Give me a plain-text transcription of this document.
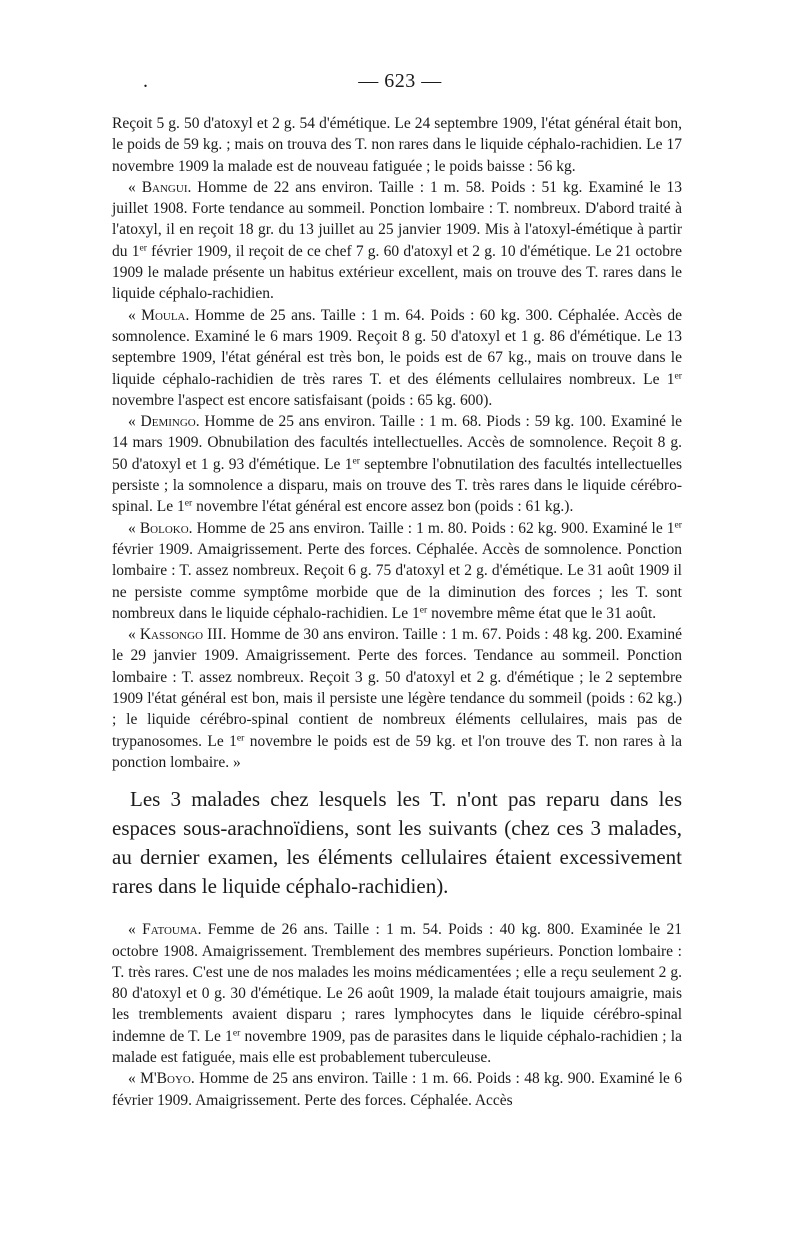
.	— 623 —

Reçoit 5 g. 50 d'atoxyl et 2 g. 54 d'émétique. Le 24 septembre 1909, l'état général était bon, le poids de 59 kg. ; mais on trouva des T. non rares dans le liquide céphalo-rachidien. Le 17 novembre 1909 la malade est de nouveau fatiguée ; le poids baisse : 56 kg.

« Bangui. Homme de 22 ans environ. Taille : 1 m. 58. Poids : 51 kg. Examiné le 13 juillet 1908. Forte tendance au sommeil. Ponction lombaire : T. nombreux. D'abord traité à l'atoxyl, il en reçoit 18 gr. du 13 juillet au 25 janvier 1909. Mis à l'atoxyl-émétique à partir du 1er février 1909, il reçoit de ce chef 7 g. 60 d'atoxyl et 2 g. 10 d'émétique. Le 21 octobre 1909 le malade présente un habitus extérieur excellent, mais on trouve des T. rares dans le liquide céphalo-rachidien.

« Moula. Homme de 25 ans. Taille : 1 m. 64. Poids : 60 kg. 300. Céphalée. Accès de somnolence. Examiné le 6 mars 1909. Reçoit 8 g. 50 d'atoxyl et 1 g. 86 d'émétique. Le 13 septembre 1909, l'état général est très bon, le poids est de 67 kg., mais on trouve dans le liquide céphalo-rachidien de très rares T. et des éléments cellulaires nombreux. Le 1er novembre l'aspect est encore satisfaisant (poids : 65 kg. 600).

« Demingo. Homme de 25 ans environ. Taille : 1 m. 68. Piods : 59 kg. 100. Examiné le 14 mars 1909. Obnubilation des facultés intellectuelles. Accès de somnolence. Reçoit 8 g. 50 d'atoxyl et 1 g. 93 d'émétique. Le 1er septembre l'obnutilation des facultés intellectuelles persiste ; la somnolence a disparu, mais on trouve des T. très rares dans le liquide cérébro-spinal. Le 1er novembre l'état général est encore assez bon (poids : 61 kg.).

« Boloko. Homme de 25 ans environ. Taille : 1 m. 80. Poids : 62 kg. 900. Examiné le 1er février 1909. Amaigrissement. Perte des forces. Céphalée. Accès de somnolence. Ponction lombaire : T. assez nombreux. Reçoit 6 g. 75 d'atoxyl et 2 g. d'émétique. Le 31 août 1909 il ne persiste comme symptôme morbide que de la diminution des forces ; les T. sont nombreux dans le liquide céphalo-rachidien. Le 1er novembre même état que le 31 août.

« Kassongo III. Homme de 30 ans environ. Taille : 1 m. 67. Poids : 48 kg. 200. Examiné le 29 janvier 1909. Amaigrissement. Perte des forces. Tendance au sommeil. Ponction lombaire : T. assez nombreux. Reçoit 3 g. 50 d'atoxyl et 2 g. d'émétique ; le 2 septembre 1909 l'état général est bon, mais il persiste une légère tendance du sommeil (poids : 62 kg.) ; le liquide cérébro-spinal contient de nombreux éléments cellulaires, mais pas de trypanosomes. Le 1er novembre le poids est de 59 kg. et l'on trouve des T. non rares à la ponction lombaire. »

Les 3 malades chez lesquels les T. n'ont pas reparu dans les espaces sous-arachnoïdiens, sont les suivants (chez ces 3 malades, au dernier examen, les éléments cellulaires étaient excessivement rares dans le liquide céphalo-rachidien).

« Fatouma. Femme de 26 ans. Taille : 1 m. 54. Poids : 40 kg. 800. Examinée le 21 octobre 1908. Amaigrissement. Tremblement des membres supérieurs. Ponction lombaire : T. très rares. C'est une de nos malades les moins médicamentées ; elle a reçu seulement 2 g. 80 d'atoxyl et 0 g. 30 d'émétique. Le 26 août 1909, la malade était toujours amaigrie, mais les tremblements avaient disparu ; rares lymphocytes dans le liquide cérébro-spinal indemne de T. Le 1er novembre 1909, pas de parasites dans le liquide céphalo-rachidien ; la malade est fatiguée, mais elle est probablement tuberculeuse.

« M'Boyo. Homme de 25 ans environ. Taille : 1 m. 66. Poids : 48 kg. 900. Examiné le 6 février 1909. Amaigrissement. Perte des forces. Céphalée. Accès
